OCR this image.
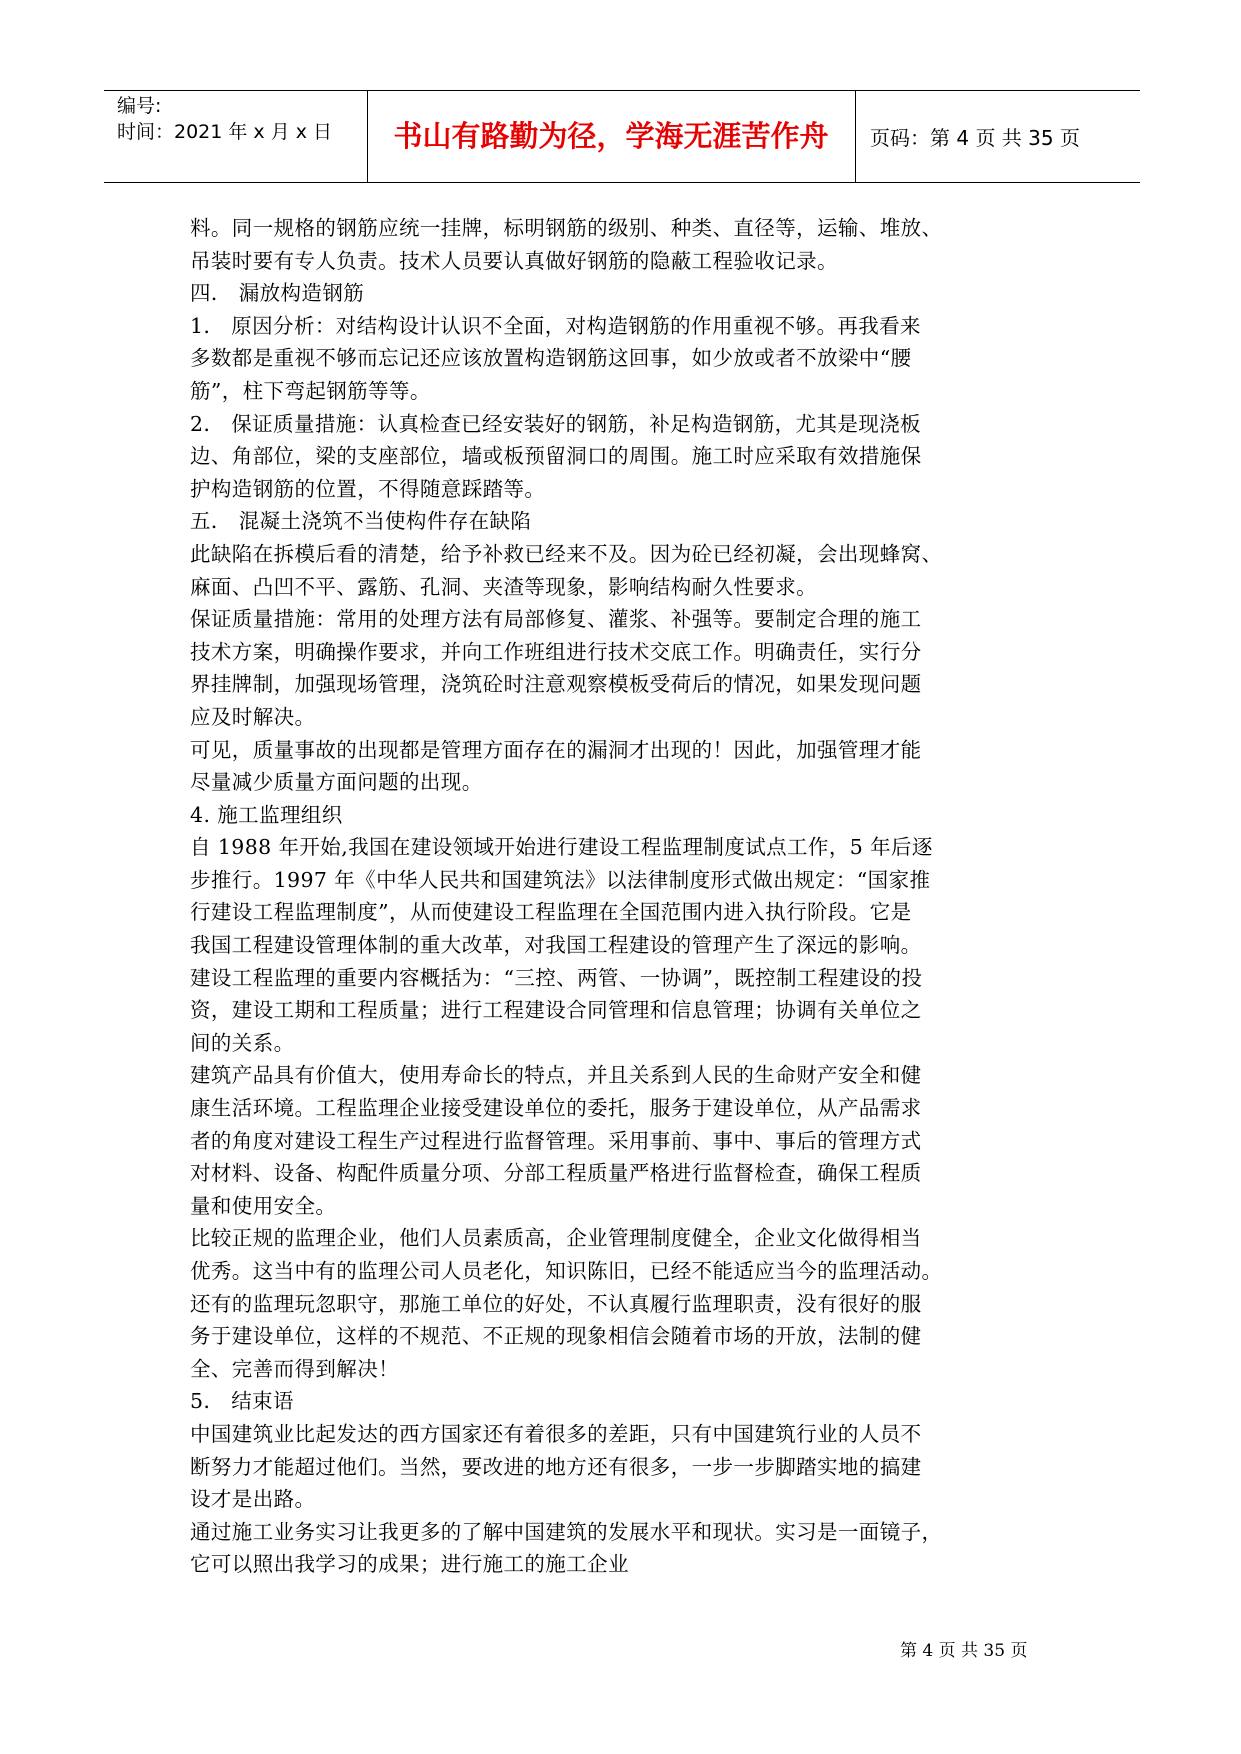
编号:
时间：2021 年 x 月 x 日	书山有路勤为径，学海无涯苦作舟	页码：第 4 页 共 35 页
料。同一规格的钢筋应统一挂牌，标明钢筋的级别、种类、直径等，运输、堆放、
吊装时要有专人负责。技术人员要认真做好钢筋的隐蔽工程验收记录。
四． 漏放构造钢筋
1． 原因分析：对结构设计认识不全面，对构造钢筋的作用重视不够。再我看来
多数都是重视不够而忘记还应该放置构造钢筋这回事，如少放或者不放梁中“腰
筋”，柱下弯起钢筋等等。
2． 保证质量措施：认真检查已经安装好的钢筋，补足构造钢筋，尤其是现浇板
边、角部位，梁的支座部位，墙或板预留洞口的周围。施工时应采取有效措施保
护构造钢筋的位置，不得随意踩踏等。
五． 混凝土浇筑不当使构件存在缺陷
此缺陷在拆模后看的清楚，给予补救已经来不及。因为砼已经初凝，会出现蜂窝、
麻面、凸凹不平、露筋、孔洞、夹渣等现象，影响结构耐久性要求。
保证质量措施：常用的处理方法有局部修复、灌浆、补强等。要制定合理的施工
技术方案，明确操作要求，并向工作班组进行技术交底工作。明确责任，实行分
界挂牌制，加强现场管理，浇筑砼时注意观察模板受荷后的情况，如果发现问题
应及时解决。
可见，质量事故的出现都是管理方面存在的漏洞才出现的！因此，加强管理才能
尽量减少质量方面问题的出现。
4. 施工监理组织
自 1988 年开始,我国在建设领域开始进行建设工程监理制度试点工作，5 年后逐
步推行。1997 年《中华人民共和国建筑法》以法律制度形式做出规定：“国家推
行建设工程监理制度”，从而使建设工程监理在全国范围内进入执行阶段。它是
我国工程建设管理体制的重大改革，对我国工程建设的管理产生了深远的影响。
建设工程监理的重要内容概括为：“三控、两管、一协调”，既控制工程建设的投
资，建设工期和工程质量；进行工程建设合同管理和信息管理；协调有关单位之
间的关系。
建筑产品具有价值大，使用寿命长的特点，并且关系到人民的生命财产安全和健
康生活环境。工程监理企业接受建设单位的委托，服务于建设单位，从产品需求
者的角度对建设工程生产过程进行监督管理。采用事前、事中、事后的管理方式
对材料、设备、构配件质量分项、分部工程质量严格进行监督检查，确保工程质
量和使用安全。
比较正规的监理企业，他们人员素质高，企业管理制度健全，企业文化做得相当
优秀。这当中有的监理公司人员老化，知识陈旧，已经不能适应当今的监理活动。
还有的监理玩忽职守，那施工单位的好处，不认真履行监理职责，没有很好的服
务于建设单位，这样的不规范、不正规的现象相信会随着市场的开放，法制的健
全、完善而得到解决！
5． 结束语
中国建筑业比起发达的西方国家还有着很多的差距，只有中国建筑行业的人员不
断努力才能超过他们。当然，要改进的地方还有很多，一步一步脚踏实地的搞建
设才是出路。
通过施工业务实习让我更多的了解中国建筑的发展水平和现状。实习是一面镜子，
它可以照出我学习的成果；进行施工的施工企业
第 4 页 共 35 页
